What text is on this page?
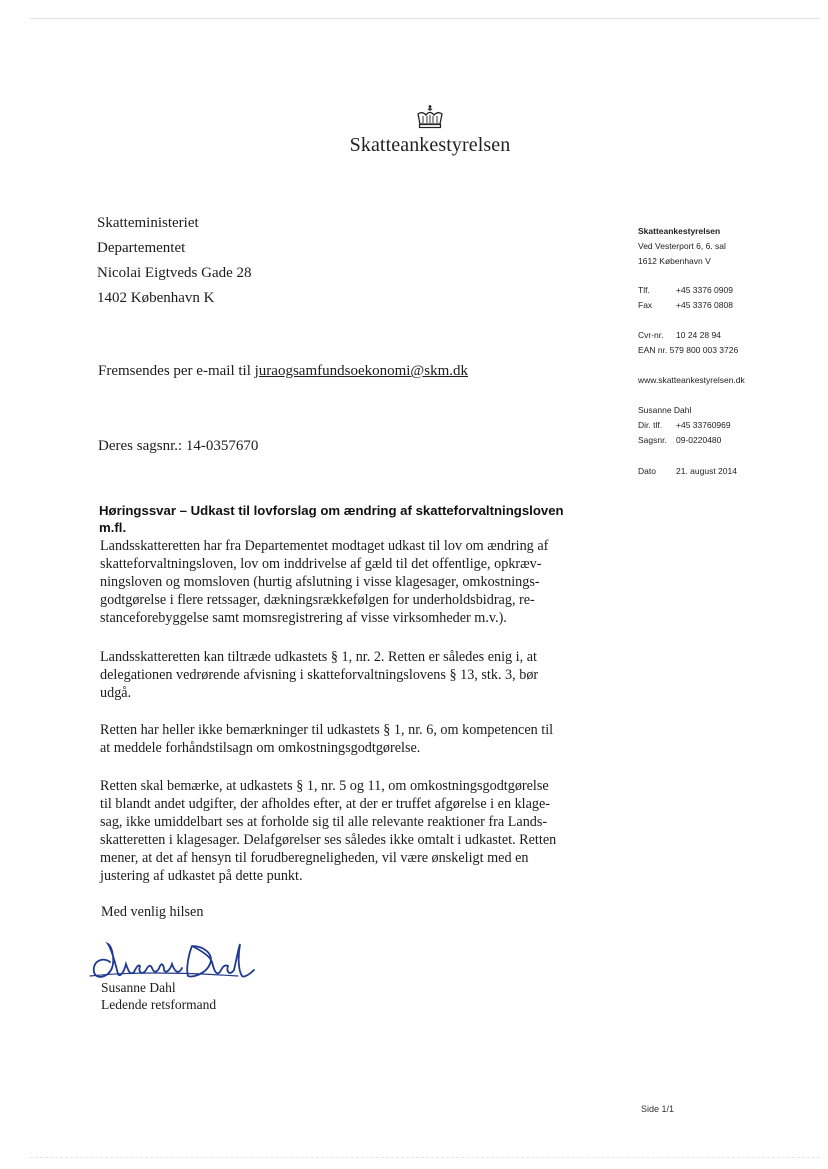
Skatteankestyrelsen
Skatteministeriet
Departementet
Nicolai Eigtveds Gade 28
1402 København K
Skatteankestyrelsen
Ved Vesterport 6, 6. sal
1612 København V
Tlf.	+45 3376 0909
Fax	+45 3376 0808
Cvr-nr. 10 24 28 94
EAN nr. 579 800 003 3726
www.skatteankestyrelsen.dk
Susanne Dahl
Dir. tlf. +45 33760969
Sagsnr. 09-0220480
Dato 21. august 2014
Fremsendes per e-mail til juraogsamfundsoekonomi@skm.dk
Deres sagsnr.: 14-0357670
Høringssvar – Udkast til lovforslag om ændring af skatteforvaltningsloven
m.fl.
Landsskatteretten har fra Departementet modtaget udkast til lov om ændring af
skatteforvaltningsloven, lov om inddrivelse af gæld til det offentlige, opkræv-
ningsloven og momsloven (hurtig afslutning i visse klagesager, omkostnings-
godtgørelse i flere retssager, dækningsrækkefølgen for underholdsbidrag, re-
stanceforebyggelse samt momsregistrering af visse virksomheder m.v.).
Landsskatteretten kan tiltræde udkastets § 1, nr. 2. Retten er således enig i, at
delegationen vedrørende afvisning i skatteforvaltningslovens § 13, stk. 3, bør
udgå.
Retten har heller ikke bemærkninger til udkastets § 1, nr. 6, om kompetencen til
at meddele forhåndstilsagn om omkostningsgodtgørelse.
Retten skal bemærke, at udkastets § 1, nr. 5 og 11, om omkostningsgodtgørelse
til blandt andet udgifter, der afholdes efter, at der er truffet afgørelse i en klage-
sag, ikke umiddelbart ses at forholde sig til alle relevante reaktioner fra Lands-
skatteretten i klagesager. Delafgørelser ses således ikke omtalt i udkastet. Retten
mener, at det af hensyn til forudberegneligheden, vil være ønskeligt med en
justering af udkastet på dette punkt.
Med venlig hilsen
Susanne Dahl
Ledende retsformand
Side 1/1
